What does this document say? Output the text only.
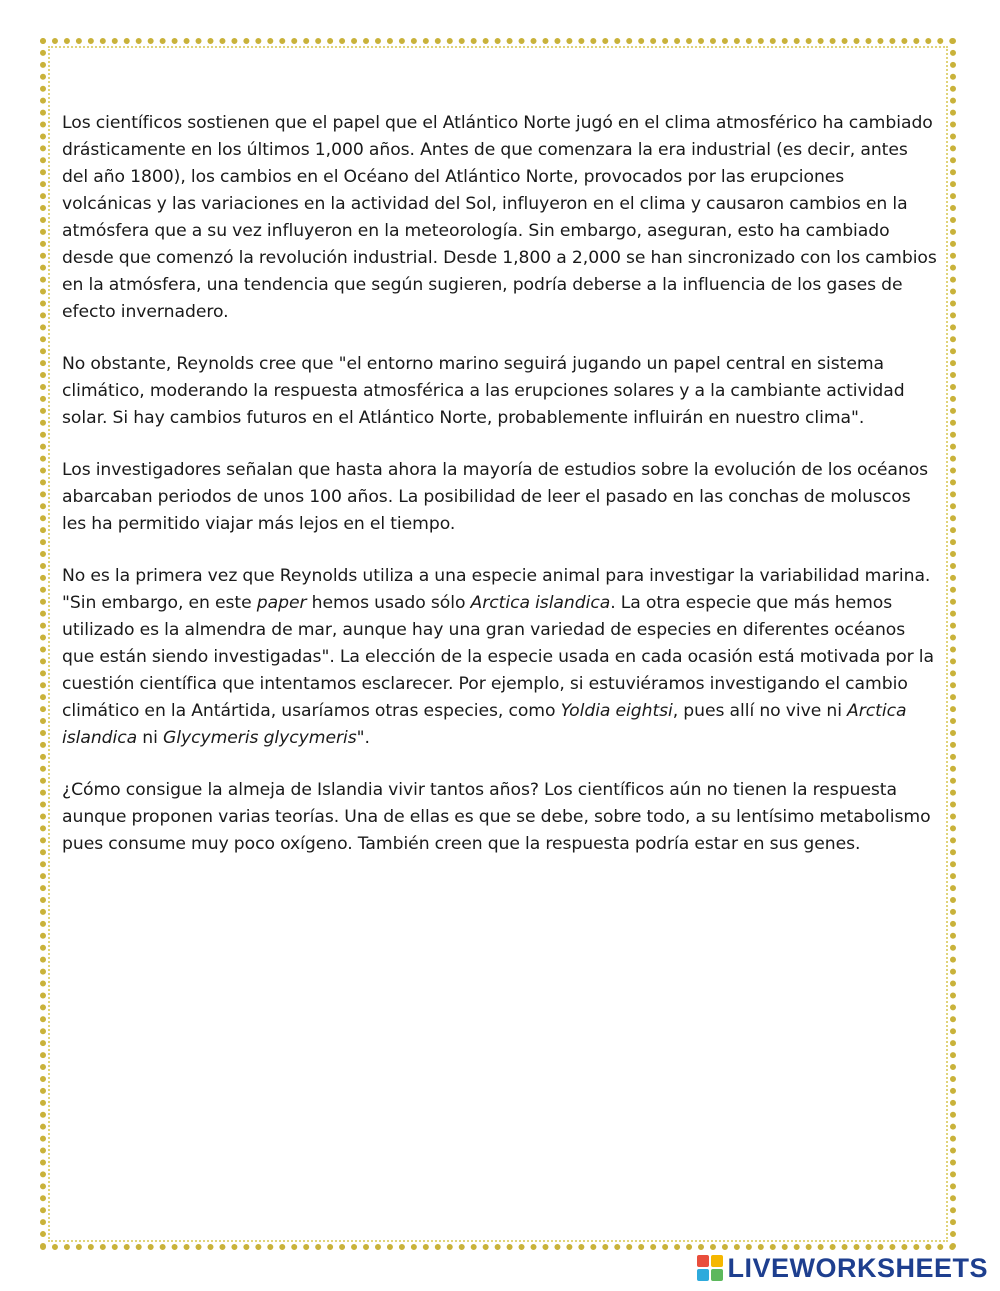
Los científicos sostienen que el papel que el Atlántico Norte jugó en el clima atmosférico ha cambiado drásticamente en los últimos 1,000 años. Antes de que comenzara la era industrial (es decir, antes del año 1800), los cambios en el Océano del Atlántico Norte, provocados por las erupciones volcánicas y las variaciones en la actividad del Sol, influyeron en el clima y causaron cambios en la atmósfera que a su vez influyeron en la meteorología. Sin embargo, aseguran, esto ha cambiado desde que comenzó la revolución industrial. Desde 1,800 a 2,000 se han sincronizado con los cambios en la atmósfera, una tendencia que según sugieren, podría deberse a la influencia de los gases de efecto invernadero.

No obstante, Reynolds cree que "el entorno marino seguirá jugando un papel central en sistema climático, moderando la respuesta atmosférica a las erupciones solares y a la cambiante actividad solar. Si hay cambios futuros en el Atlántico Norte, probablemente influirán en nuestro clima".

Los investigadores señalan que hasta ahora la mayoría de estudios sobre la evolución de los océanos abarcaban periodos de unos 100 años. La posibilidad de leer el pasado en las conchas de moluscos les ha permitido viajar más lejos en el tiempo.

No es la primera vez que Reynolds utiliza a una especie animal para investigar la variabilidad marina. "Sin embargo, en este paper hemos usado sólo Arctica islandica. La otra especie que más hemos utilizado es la almendra de mar, aunque hay una gran variedad de especies en diferentes océanos que están siendo investigadas". La elección de la especie usada en cada ocasión está motivada por la cuestión científica que intentamos esclarecer. Por ejemplo, si estuviéramos investigando el cambio climático en la Antártida, usaríamos otras especies, como Yoldia eightsi, pues allí no vive ni Arctica islandica ni Glycymeris glycymeris".

¿Cómo consigue la almeja de Islandia vivir tantos años? Los científicos aún no tienen la respuesta aunque proponen varias teorías. Una de ellas es que se debe, sobre todo, a su lentísimo metabolismo pues consume muy poco oxígeno. También creen que la respuesta podría estar en sus genes.

LIVEWORKSHEETS
